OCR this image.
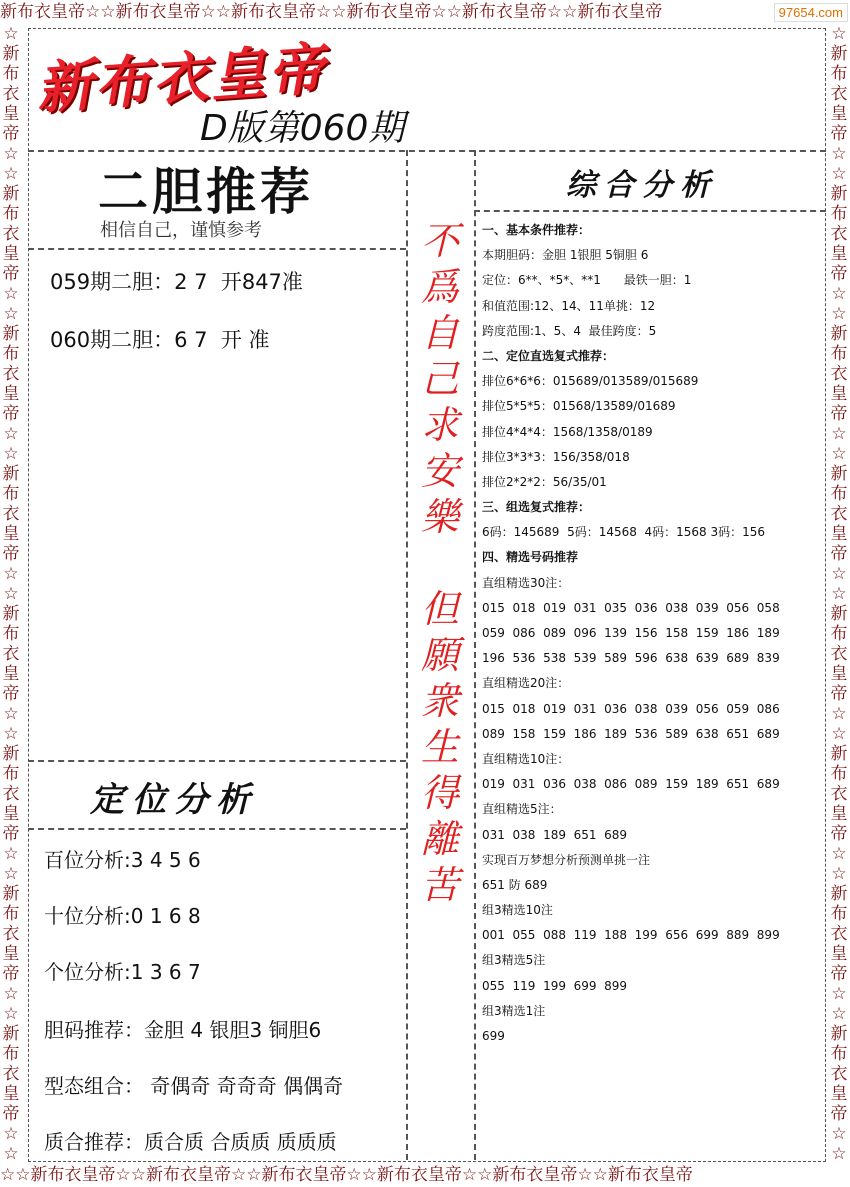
新布衣皇帝☆☆新布衣皇帝☆☆新布衣皇帝☆☆新布衣皇帝☆☆新布衣皇帝☆☆新布衣皇帝
☆☆新布衣皇帝☆☆新布衣皇帝☆☆新布衣皇帝☆☆新布衣皇帝☆☆新布衣皇帝☆☆新布衣皇帝
☆
新
布
衣
皇
帝
☆
☆
新
布
衣
皇
帝
☆
☆
新
布
衣
皇
帝
☆
☆
新
布
衣
皇
帝
☆
☆
新
布
衣
皇
帝
☆
☆
新
布
衣
皇
帝
☆
☆
新
布
衣
皇
帝
☆
☆
新
布
衣
皇
帝
☆
☆
☆
新
布
衣
皇
帝
☆
☆
新
布
衣
皇
帝
☆
☆
新
布
衣
皇
帝
☆
☆
新
布
衣
皇
帝
☆
☆
新
布
衣
皇
帝
☆
☆
新
布
衣
皇
帝
☆
☆
新
布
衣
皇
帝
☆
☆
新
布
衣
皇
帝
☆
☆
97654.com
新布衣皇帝
D版第060期
二胆推荐
相信自己，谨慎参考
059期二胆：2 7  开847准
060期二胆：6 7  开 准
不
爲
自
己
求
安
樂

但
願
衆
生
得
離
苦
定位分析
百位分析:3 4 5 6
十位分析:0 1 6 8
个位分析:1 3 6 7
胆码推荐：金胆 4 银胆3 铜胆6
型态组合： 奇偶奇 奇奇奇 偶偶奇
质合推荐：质合质 合质质 质质质
综合分析
一、基本条件推荐：
本期胆码：金胆 1银胆 5铜胆 6
定位：6**、*5*、**1      最铁一胆：1
和值范围:12、14、11单挑：12
跨度范围:1、5、4  最佳跨度：5
二、定位直选复式推荐：
排位6*6*6：015689/013589/015689
排位5*5*5：01568/13589/01689
排位4*4*4：1568/1358/0189
排位3*3*3：156/358/018
排位2*2*2：56/35/01
三、组选复式推荐：
6码：145689  5码：14568  4码：1568 3码：156
四、精选号码推荐
直组精选30注：
015  018  019  031  035  036  038  039  056  058
059  086  089  096  139  156  158  159  186  189
196  536  538  539  589  596  638  639  689  839
直组精选20注：
015  018  019  031  036  038  039  056  059  086
089  158  159  186  189  536  589  638  651  689
直组精选10注：
019  031  036  038  086  089  159  189  651  689
直组精选5注：
031  038  189  651  689
实现百万梦想分析预测单挑一注
651 防 689
组3精选10注
001  055  088  119  188  199  656  699  889  899
组3精选5注
055  119  199  699  899
组3精选1注
699
